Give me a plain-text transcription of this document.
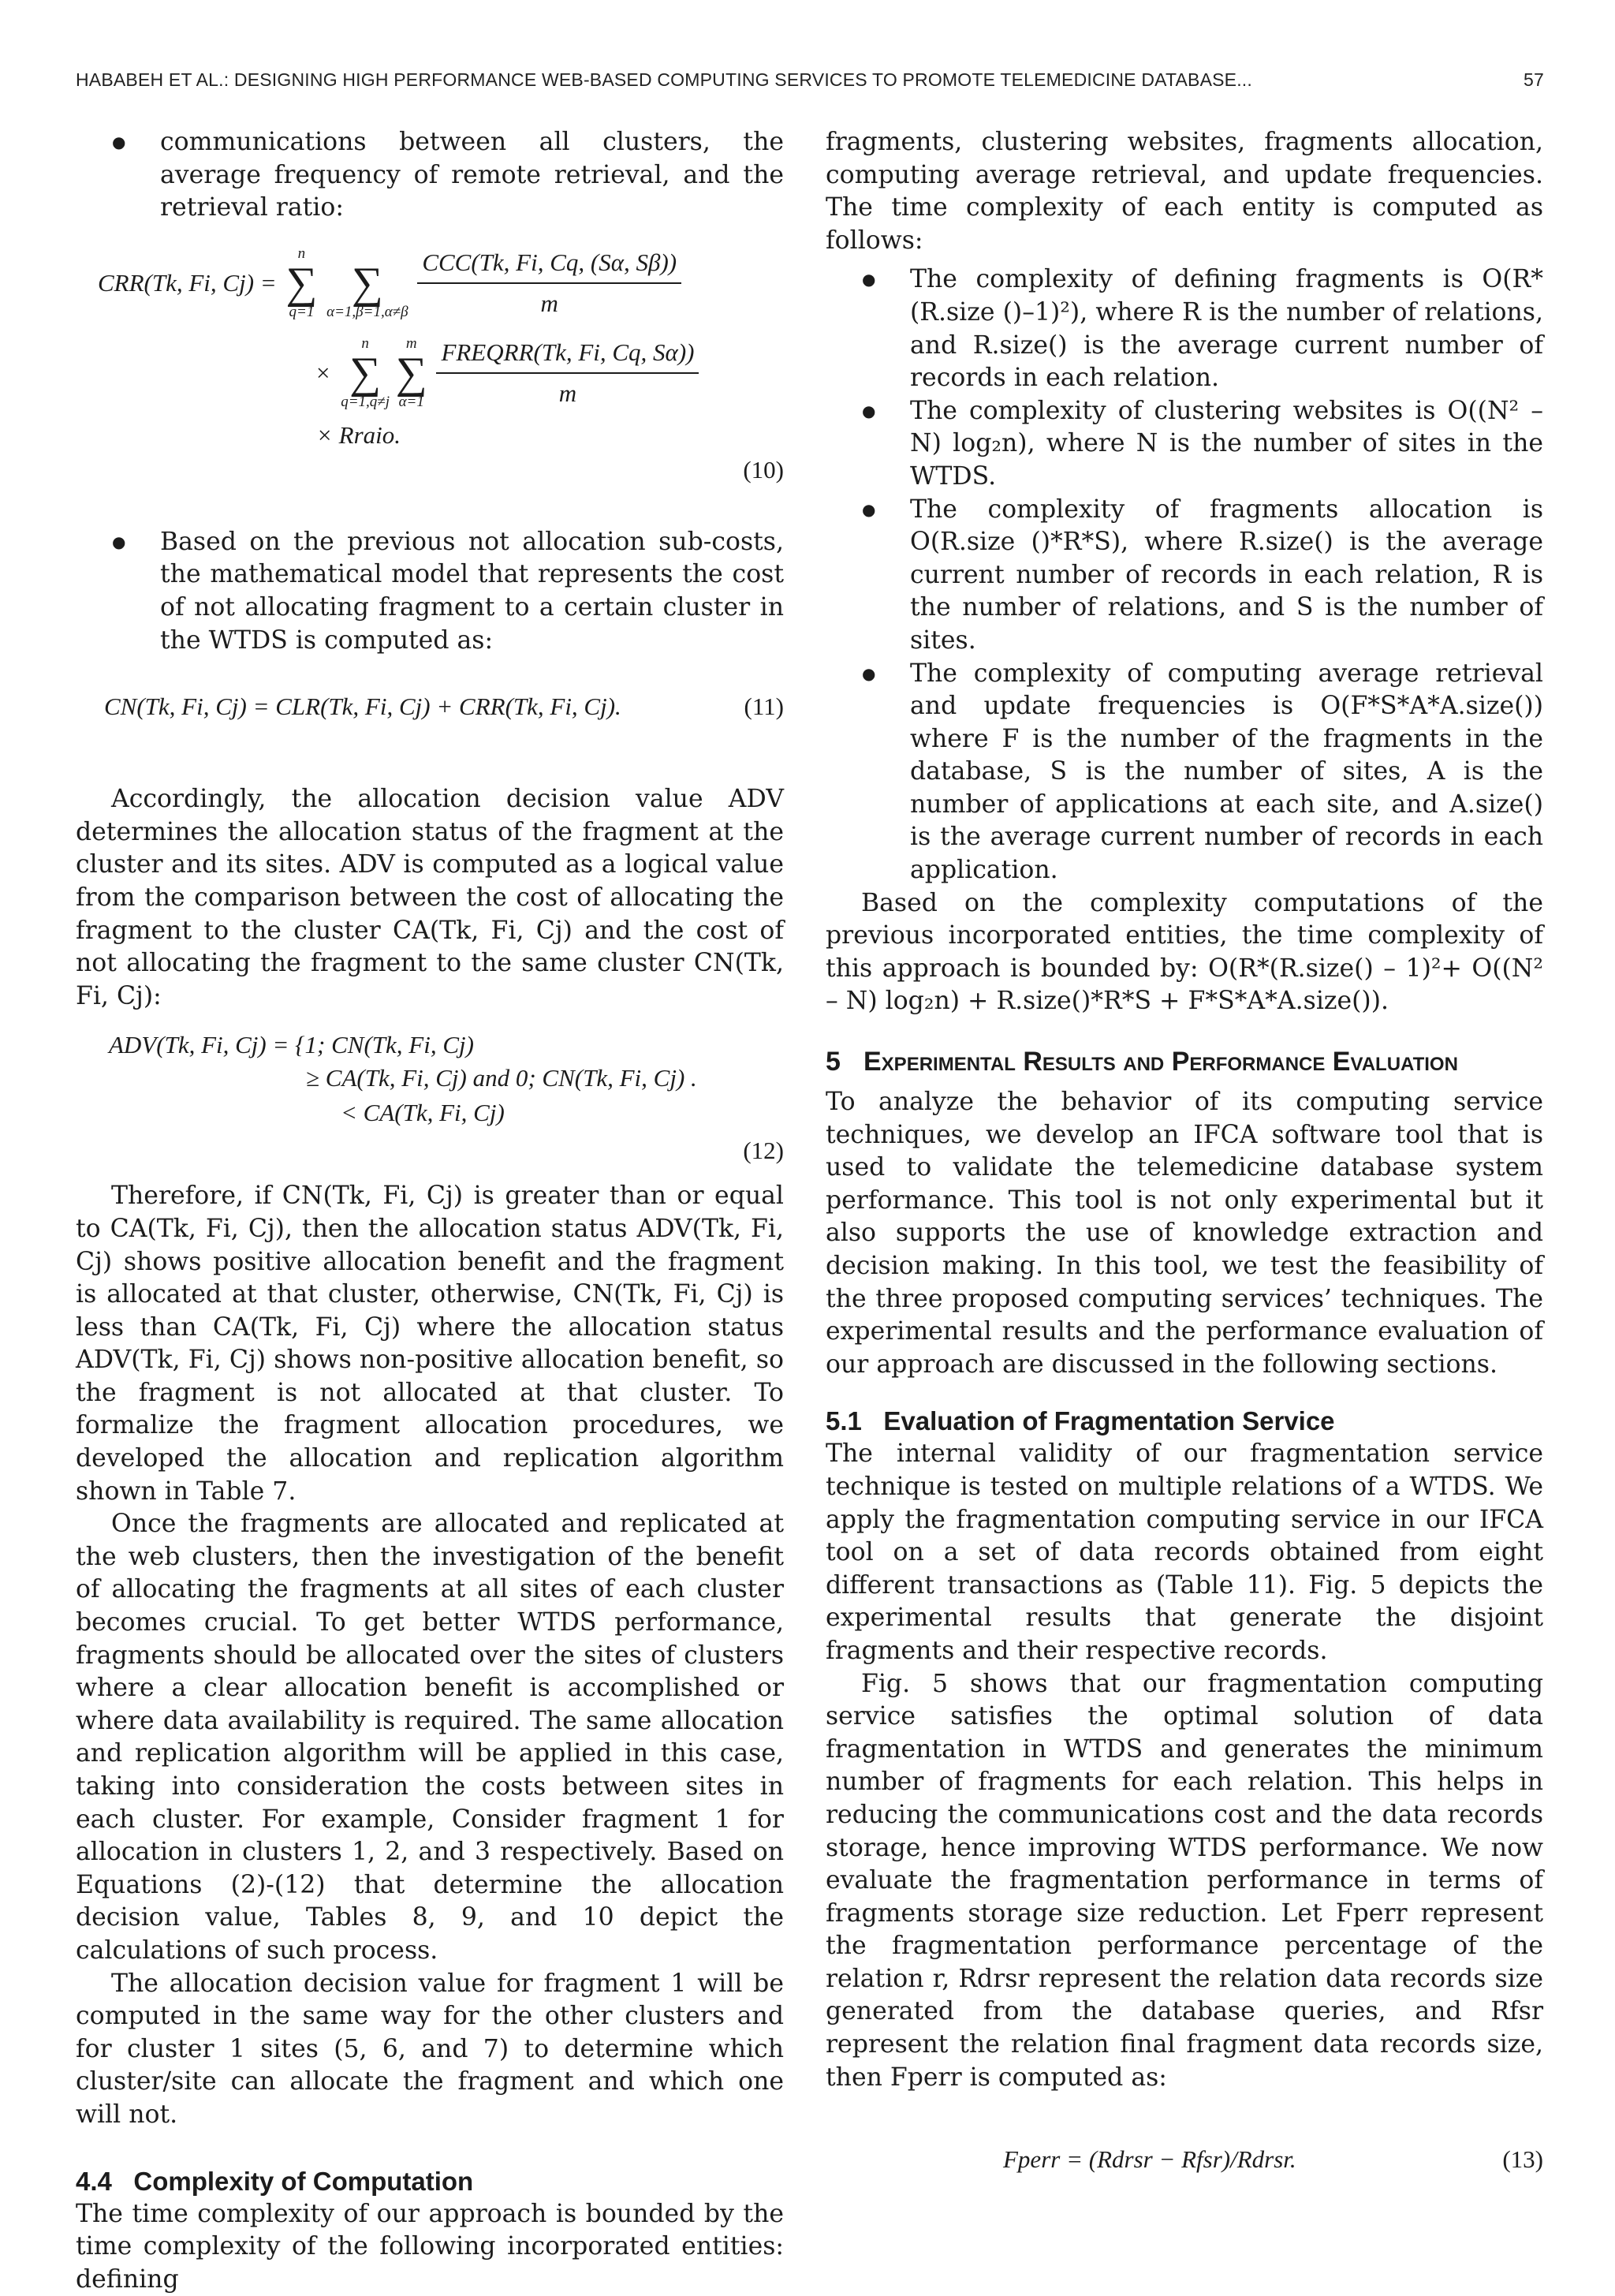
HABABEH ET AL.: DESIGNING HIGH PERFORMANCE WEB-BASED COMPUTING SERVICES TO PROMOTE TELEMEDICINE DATABASE...	57

● communications between all clusters, the average frequency of remote retrieval, and the retrieval ratio:

CRR(Tk, Fi, Cj) =
n
∑
q=1

∑
α=1,β=1,α≠β
$\frac{\text{CCC(Tk, Fi, Cq, (Sα, Sβ))}}{m}$
×
n
∑
q=1,q≠j

m
∑
α=1
$\frac{\text{FREQRR(Tk, Fi, Cq, Sα))}}{m}$
× Rraio.
(10)

● Based on the previous not allocation sub-costs, the mathematical model that represents the cost of not allocating fragment to a certain cluster in the WTDS is computed as:

CN(Tk, Fi, Cj) = CLR(Tk, Fi, Cj) + CRR(Tk, Fi, Cj).	(11)

Accordingly, the allocation decision value ADV determines the allocation status of the fragment at the cluster and its sites. ADV is computed as a logical value from the comparison between the cost of allocating the fragment to the cluster CA(Tk, Fi, Cj) and the cost of not allocating the fragment to the same cluster CN(Tk, Fi, Cj):

ADV(Tk, Fi, Cj) = {1; CN(Tk, Fi, Cj)
≥ CA(Tk, Fi, Cj) and 0; CN(Tk, Fi, Cj) .
< CA(Tk, Fi, Cj)
(12)

Therefore, if CN(Tk, Fi, Cj) is greater than or equal to CA(Tk, Fi, Cj), then the allocation status ADV(Tk, Fi, Cj) shows positive allocation benefit and the fragment is allocated at that cluster, otherwise, CN(Tk, Fi, Cj) is less than CA(Tk, Fi, Cj) where the allocation status ADV(Tk, Fi, Cj) shows non-positive allocation benefit, so the fragment is not allocated at that cluster. To formalize the fragment allocation procedures, we developed the allocation and replication algorithm shown in Table 7.

Once the fragments are allocated and replicated at the web clusters, then the investigation of the benefit of allocating the fragments at all sites of each cluster becomes crucial. To get better WTDS performance, fragments should be allocated over the sites of clusters where a clear allocation benefit is accomplished or where data availability is required. The same allocation and replication algorithm will be applied in this case, taking into consideration the costs between sites in each cluster. For example, Consider fragment 1 for allocation in clusters 1, 2, and 3 respectively. Based on Equations (2)-(12) that determine the allocation decision value, Tables 8, 9, and 10 depict the calculations of such process.

The allocation decision value for fragment 1 will be computed in the same way for the other clusters and for cluster 1 sites (5, 6, and 7) to determine which cluster/site can allocate the fragment and which one will not.

4.4 Complexity of Computation

The time complexity of our approach is bounded by the time complexity of the following incorporated entities: defining

fragments, clustering websites, fragments allocation, computing average retrieval, and update frequencies. The time complexity of each entity is computed as follows:

● The complexity of defining fragments is O(R*(R.size ()–1)²), where R is the number of relations, and R.size() is the average current number of records in each relation.

● The complexity of clustering websites is O((N² – N) log₂n), where N is the number of sites in the WTDS.

● The complexity of fragments allocation is O(R.size ()*R*S), where R.size() is the average current number of records in each relation, R is the number of relations, and S is the number of sites.

● The complexity of computing average retrieval and update frequencies is O(F*S*A*A.size()) where F is the number of the fragments in the database, S is the number of sites, A is the number of applications at each site, and A.size() is the average current number of records in each application.

Based on the complexity computations of the previous incorporated entities, the time complexity of this approach is bounded by: O(R*(R.size() – 1)²+ O((N² – N) log₂n) + R.size()*R*S + F*S*A*A.size()).

5 Experimental Results and Performance Evaluation

To analyze the behavior of its computing service techniques, we develop an IFCA software tool that is used to validate the telemedicine database system performance. This tool is not only experimental but it also supports the use of knowledge extraction and decision making. In this tool, we test the feasibility of the three proposed computing services’ techniques. The experimental results and the performance evaluation of our approach are discussed in the following sections.

5.1 Evaluation of Fragmentation Service

The internal validity of our fragmentation service technique is tested on multiple relations of a WTDS. We apply the fragmentation computing service in our IFCA tool on a set of data records obtained from eight different transactions as (Table 11). Fig. 5 depicts the experimental results that generate the disjoint fragments and their respective records.

Fig. 5 shows that our fragmentation computing service satisfies the optimal solution of data fragmentation in WTDS and generates the minimum number of fragments for each relation. This helps in reducing the communications cost and the data records storage, hence improving WTDS performance. We now evaluate the fragmentation performance in terms of fragments storage size reduction. Let Fperr represent the fragmentation performance percentage of the relation r, Rdrsr represent the relation data records size generated from the database queries, and Rfsr represent the relation final fragment data records size, then Fperr is computed as:

Fperr = (Rdrsr − Rfsr)/Rdrsr.	(13)
